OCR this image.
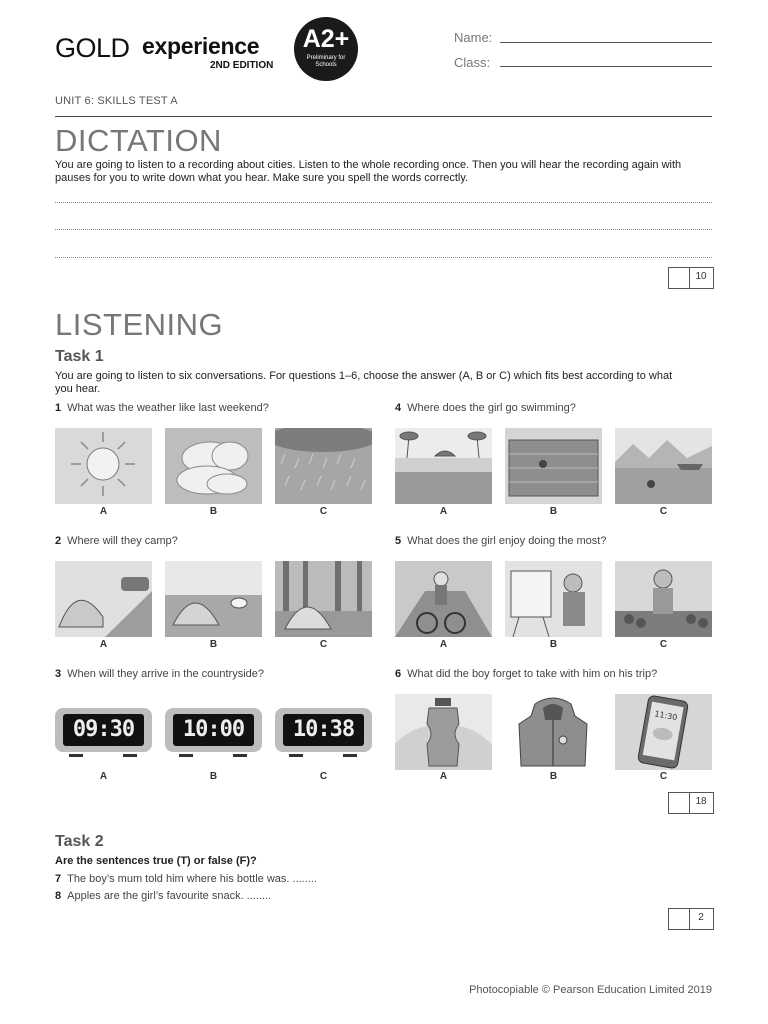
GOLD experience
2ND EDITION
A2+
Preliminary for Schools
Name:
Class:
UNIT 6: SKILLS TEST A
DICTATION
You are going to listen to a recording about cities. Listen to the whole recording once. Then you will hear the recording again with pauses for you to write down what you hear. Make sure you spell the words correctly.
10
LISTENING
Task 1
You are going to listen to six conversations. For questions 1–6, choose the answer (A, B or C) which fits best according to what you hear.
1 What was the weather like last weekend?	4 Where does the girl go swimming?
2 Where will they camp?	5 What does the girl enjoy doing the most?
3 When will they arrive in the countryside?	6 What did the boy forget to take with him on his trip?
A	B	C	A	B	C
A	B	C	A	B	C
09:30	10:00	10:38
11:30
A	B	C	A	B	C
18
Task 2
Are the sentences true (T) or false (F)?
7 The boy’s mum told him where his bottle was. ........
8 Apples are the girl’s favourite snack. ........
2
Photocopiable © Pearson Education Limited 2019
